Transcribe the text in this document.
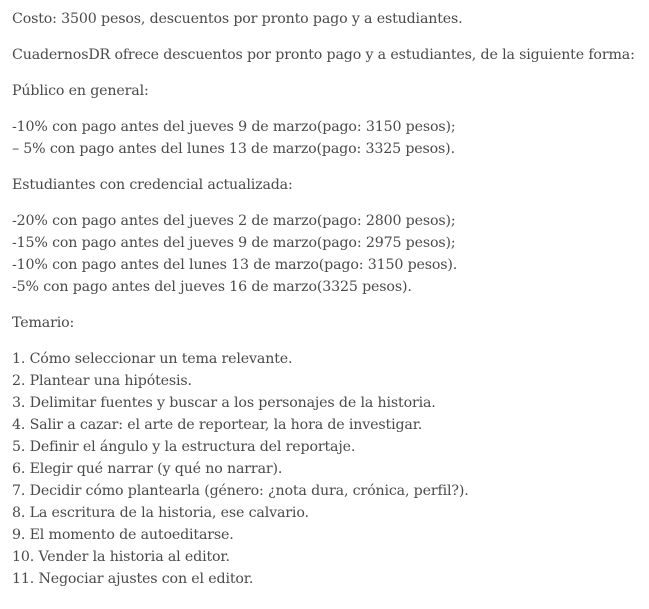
Costo: 3500 pesos, descuentos por pronto pago y a estudiantes.
CuadernosDR ofrece descuentos por pronto pago y a estudiantes, de la siguiente forma:
Público en general:
-10% con pago antes del jueves 9 de marzo(pago: 3150 pesos);
– 5% con pago antes del lunes 13 de marzo(pago: 3325 pesos).
Estudiantes con credencial actualizada:
-20% con pago antes del jueves 2 de marzo(pago: 2800 pesos);
-15% con pago antes del jueves 9 de marzo(pago: 2975 pesos);
-10% con pago antes del lunes 13 de marzo(pago: 3150 pesos).
-5% con pago antes del jueves 16 de marzo(3325 pesos).
Temario:
1. Cómo seleccionar un tema relevante.
2. Plantear una hipótesis.
3. Delimitar fuentes y buscar a los personajes de la historia.
4. Salir a cazar: el arte de reportear, la hora de investigar.
5. Definir el ángulo y la estructura del reportaje.
6. Elegir qué narrar (y qué no narrar).
7. Decidir cómo plantearla (género: ¿nota dura, crónica, perfil?).
8. La escritura de la historia, ese calvario.
9. El momento de autoeditarse.
10. Vender la historia al editor.
11. Negociar ajustes con el editor.
